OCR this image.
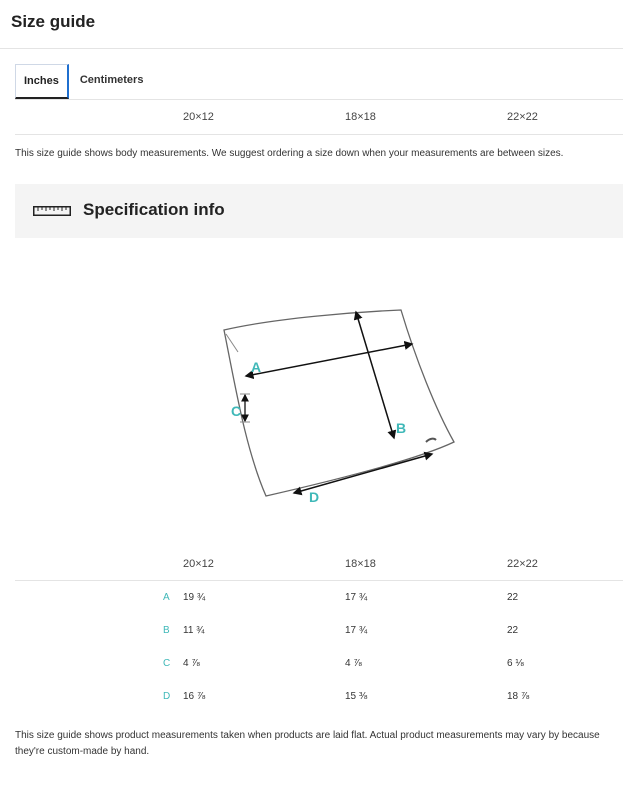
Size guide
Inches	Centimeters
20×12	18×18	22×22

This size guide shows body measurements. We suggest ordering a size down when your measurements are between sizes.

Specification info
A
B
C
D
20×12	18×18	22×22
A 19 ¾	17 ¾	22
B 11 ¾	17 ¾	22
C 4 ⅞	4 ⅞	6 ⅛
D 16 ⅞	15 ⅜	18 ⅞

This size guide shows product measurements taken when products are laid flat. Actual product measurements may vary by because they're custom-made by hand.
